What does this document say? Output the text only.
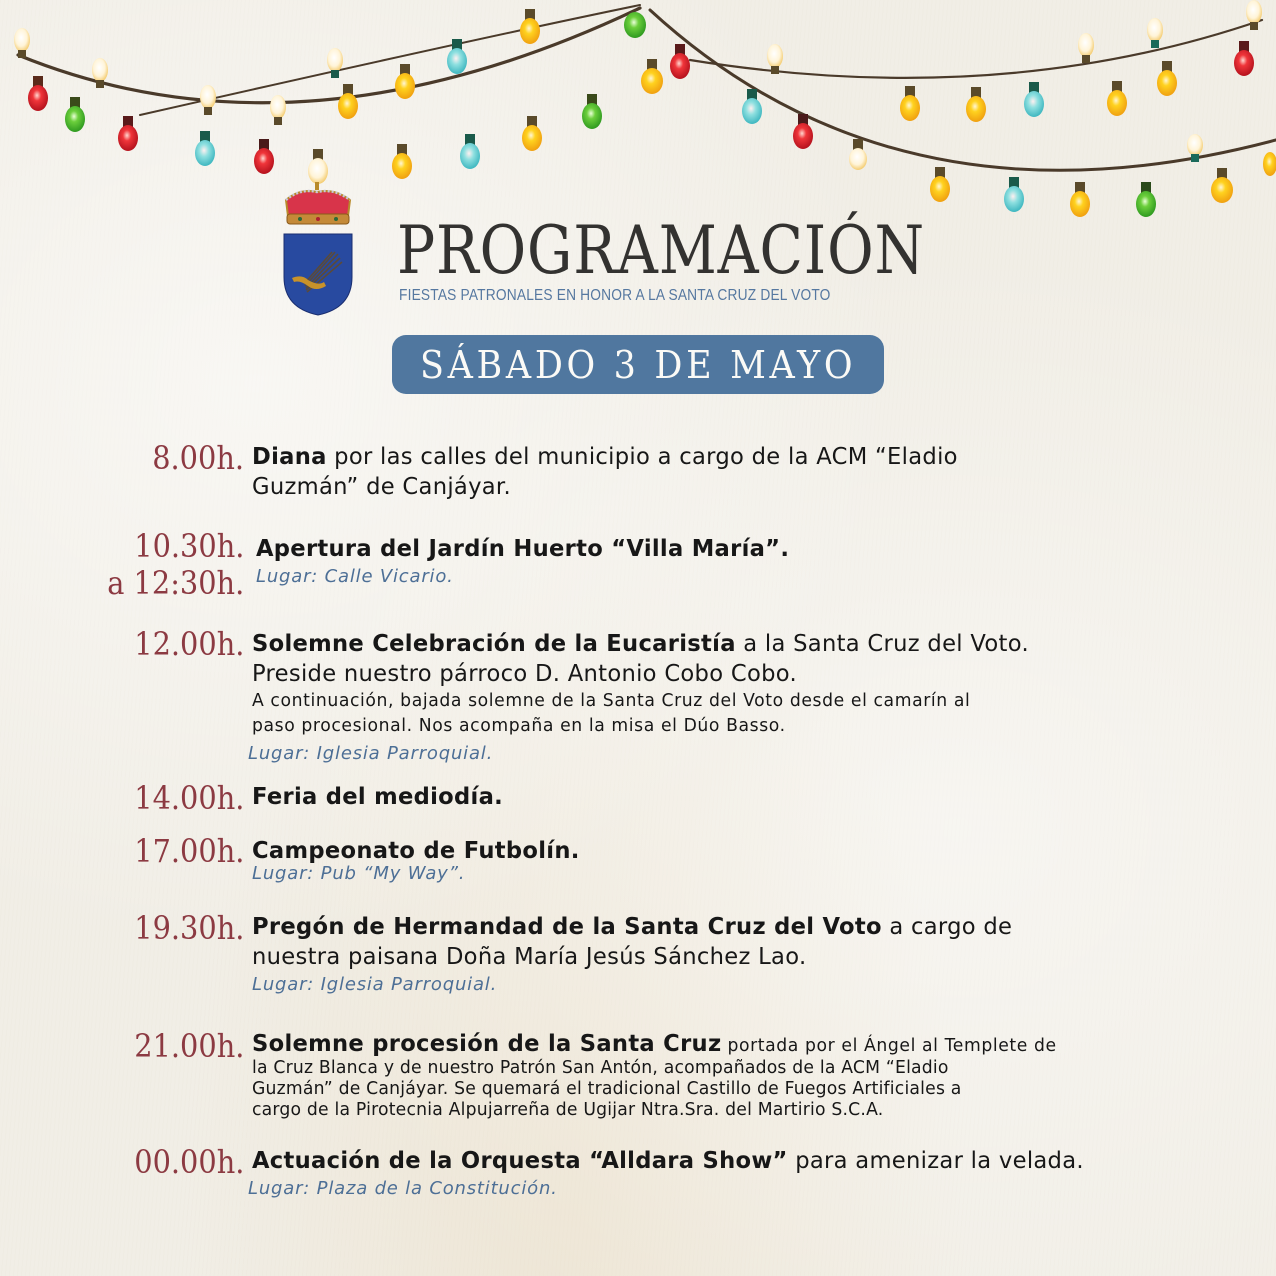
PROGRAMACIÓN
FIESTAS PATRONALES EN HONOR A LA SANTA CRUZ DEL VOTO
SÁBADO 3 DE MAYO
8.00h. Diana por las calles del municipio a cargo de la ACM “Eladio
Guzmán” de Canjáyar.
10.30h.
a 12:30h.
Apertura del Jardín Huerto “Villa María”.
Lugar: Calle Vicario.
12.00h. Solemne Celebración de la Eucaristía a la Santa Cruz del Voto.
Preside nuestro párroco D. Antonio Cobo Cobo.
A continuación, bajada solemne de la Santa Cruz del Voto desde el camarín al
paso procesional. Nos acompaña en la misa el Dúo Basso.
Lugar: Iglesia Parroquial.
14.00h. Feria del mediodía.
17.00h. Campeonato de Futbolín.
Lugar: Pub “My Way”.
19.30h. Pregón de Hermandad de la Santa Cruz del Voto a cargo de
nuestra paisana Doña María Jesús Sánchez Lao.
Lugar: Iglesia Parroquial.
21.00h. Solemne procesión de la Santa Cruz portada por el Ángel al Templete de
la Cruz Blanca y de nuestro Patrón San Antón, acompañados de la ACM “Eladio
Guzmán” de Canjáyar. Se quemará el tradicional Castillo de Fuegos Artificiales a
cargo de la Pirotecnia Alpujarreña de Ugijar Ntra.Sra. del Martirio S.C.A.
00.00h. Actuación de la Orquesta “Alldara Show” para amenizar la velada.
Lugar: Plaza de la Constitución.
